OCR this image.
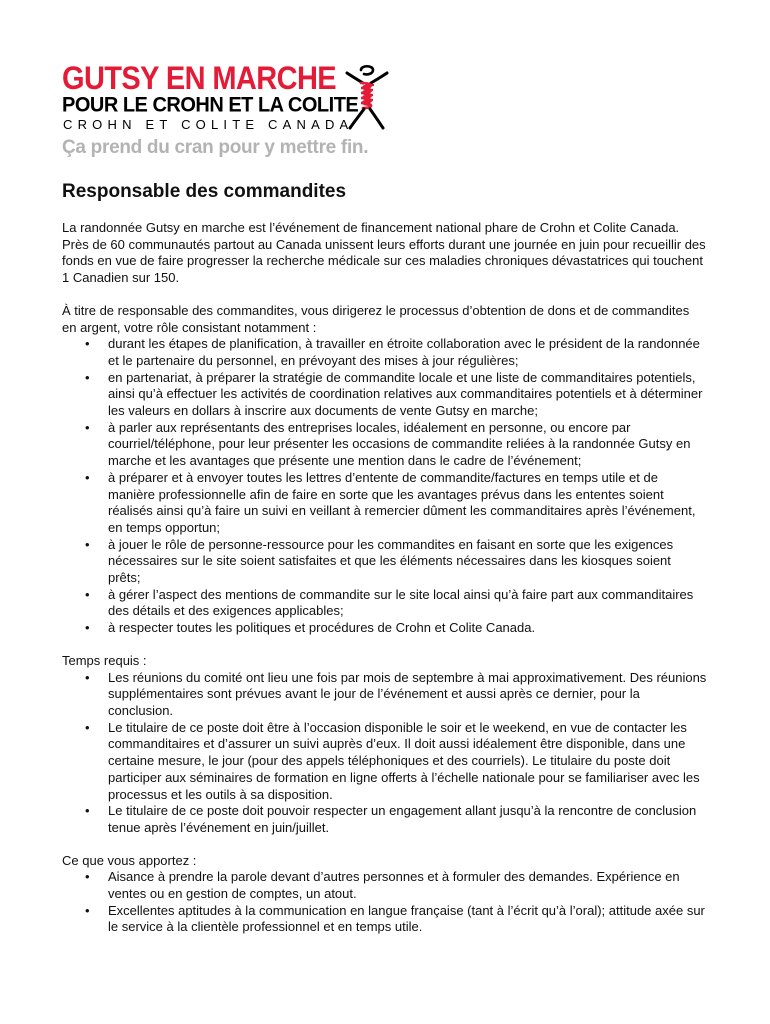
GUTSY EN MARCHE
POUR LE CROHN ET LA COLITE
CROHN ET COLITE CANADA
Ça prend du cran pour y mettre fin.
Responsable des commandites

La randonnée Gutsy en marche est l’événement de financement national phare de Crohn et Colite Canada. Près de 60 communautés partout au Canada unissent leurs efforts durant une journée en juin pour recueillir des fonds en vue de faire progresser la recherche médicale sur ces maladies chroniques dévastatrices qui touchent 1 Canadien sur 150.

À titre de responsable des commandites, vous dirigerez le processus d’obtention de dons et de commandites en argent, votre rôle consistant notamment :

• durant les étapes de planification, à travailler en étroite collaboration avec le président de la randonnée et le partenaire du personnel, en prévoyant des mises à jour régulières;
• en partenariat, à préparer la stratégie de commandite locale et une liste de commanditaires potentiels, ainsi qu’à effectuer les activités de coordination relatives aux commanditaires potentiels et à déterminer les valeurs en dollars à inscrire aux documents de vente Gutsy en marche;
• à parler aux représentants des entreprises locales, idéalement en personne, ou encore par courriel/téléphone, pour leur présenter les occasions de commandite reliées à la randonnée Gutsy en marche et les avantages que présente une mention dans le cadre de l’événement;
• à préparer et à envoyer toutes les lettres d’entente de commandite/factures en temps utile et de manière professionnelle afin de faire en sorte que les avantages prévus dans les ententes soient réalisés ainsi qu’à faire un suivi en veillant à remercier dûment les commanditaires après l’événement, en temps opportun;
• à jouer le rôle de personne-ressource pour les commandites en faisant en sorte que les exigences nécessaires sur le site soient satisfaites et que les éléments nécessaires dans les kiosques soient prêts;
• à gérer l’aspect des mentions de commandite sur le site local ainsi qu’à faire part aux commanditaires des détails et des exigences applicables;
• à respecter toutes les politiques et procédures de Crohn et Colite Canada.

Temps requis :

• Les réunions du comité ont lieu une fois par mois de septembre à mai approximativement. Des réunions supplémentaires sont prévues avant le jour de l’événement et aussi après ce dernier, pour la conclusion.
• Le titulaire de ce poste doit être à l’occasion disponible le soir et le weekend, en vue de contacter les commanditaires et d’assurer un suivi auprès d’eux. Il doit aussi idéalement être disponible, dans une certaine mesure, le jour (pour des appels téléphoniques et des courriels). Le titulaire du poste doit participer aux séminaires de formation en ligne offerts à l’échelle nationale pour se familiariser avec les processus et les outils à sa disposition.
• Le titulaire de ce poste doit pouvoir respecter un engagement allant jusqu’à la rencontre de conclusion tenue après l’événement en juin/juillet.

Ce que vous apportez :

• Aisance à prendre la parole devant d’autres personnes et à formuler des demandes. Expérience en ventes ou en gestion de comptes, un atout.
• Excellentes aptitudes à la communication en langue française (tant à l’écrit qu’à l’oral); attitude axée sur le service à la clientèle professionnel et en temps utile.
